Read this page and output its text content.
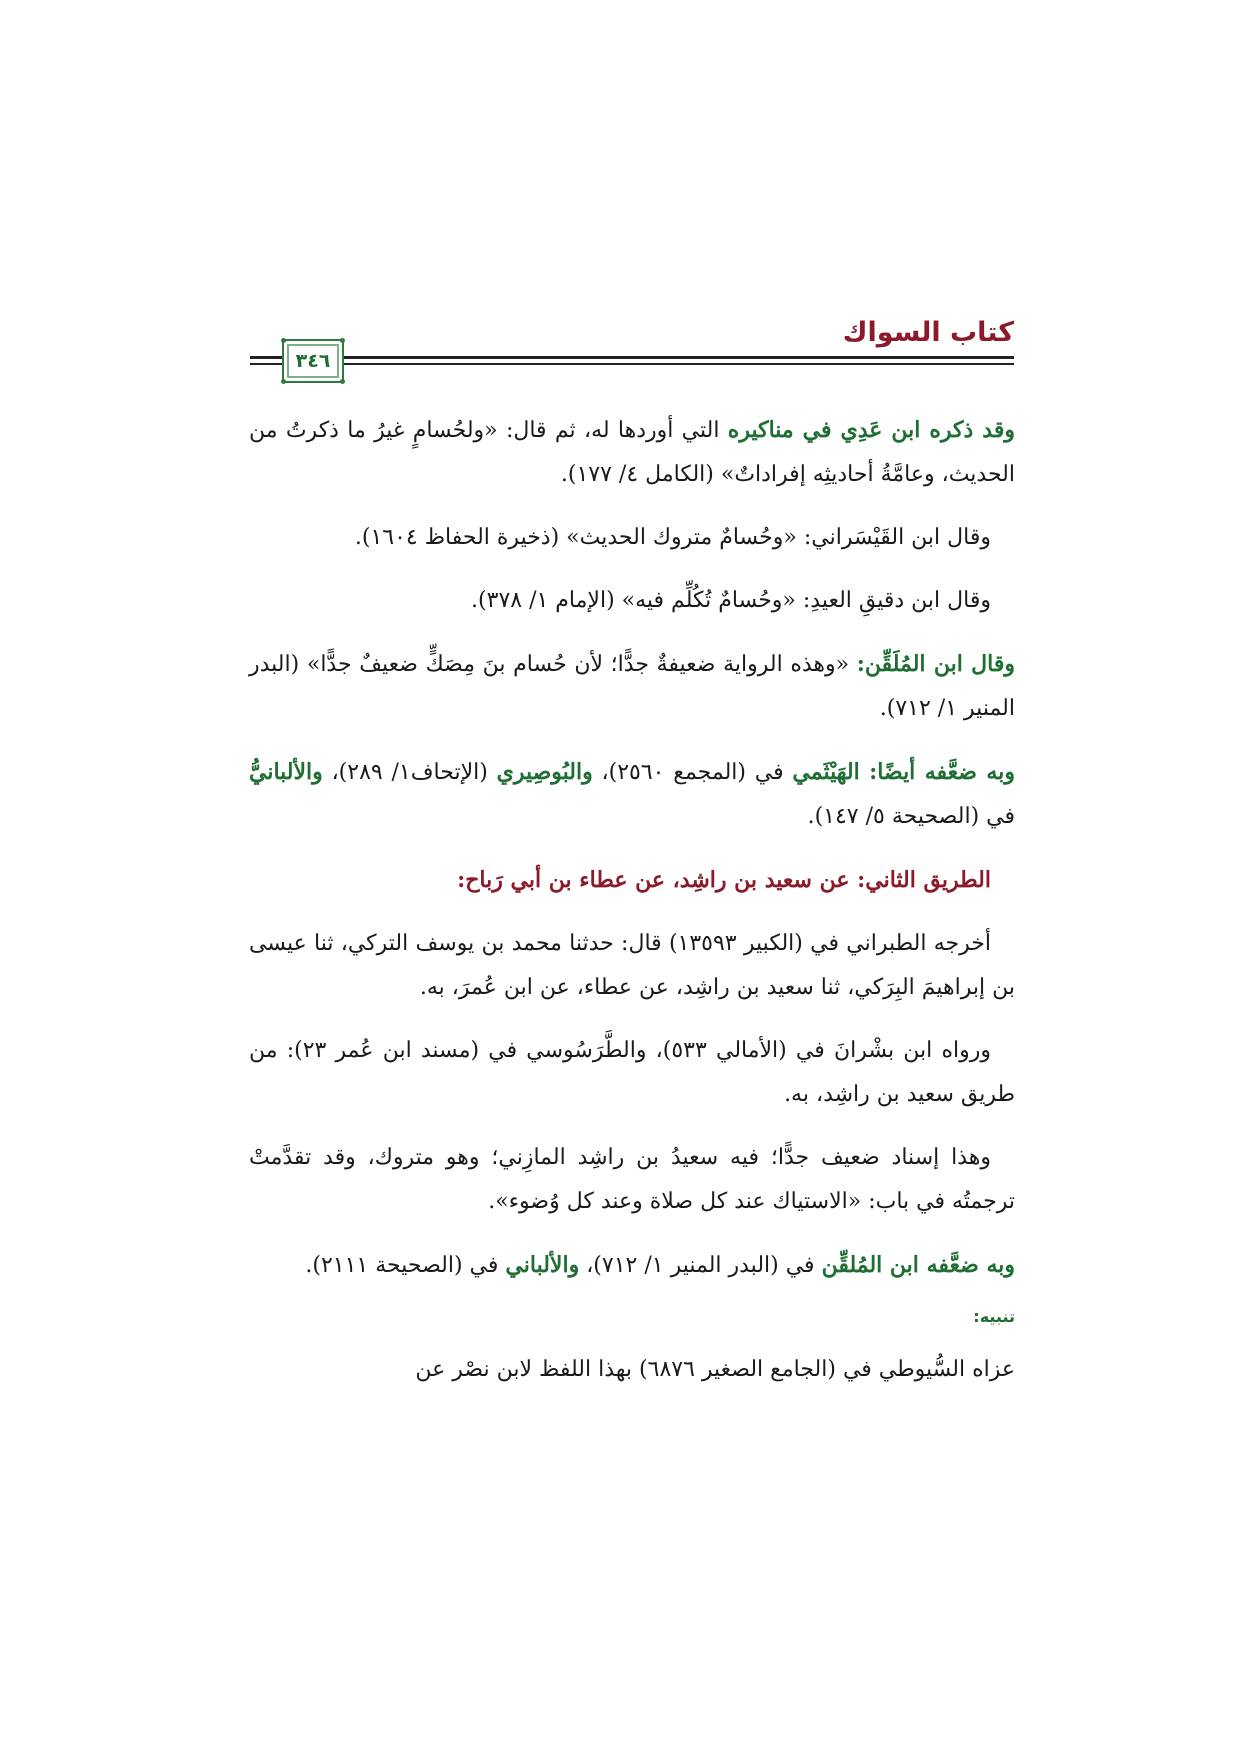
كتاب السواك
٣٤٦

وقد ذكره ابن عَدِي في مناكيره التي أوردها له، ثم قال: «ولحُسامٍ غيرُ ما ذكرتُ من الحديث، وعامَّةُ أحاديثِه إفراداتٌ» (الكامل ٤/ ١٧٧).

وقال ابن القَيْسَراني: «وحُسامٌ متروك الحديث» (ذخيرة الحفاظ ١٦٠٤).

وقال ابن دقيقِ العيدِ: «وحُسامٌ تُكُلِّم فيه» (الإمام ١/ ٣٧٨).

وقال ابن المُلَقِّن: «وهذه الرواية ضعيفةٌ جدًّا؛ لأن حُسام بنَ مِصَكٍّ ضعيفٌ جدًّا» (البدر المنير ١/ ٧١٢).

وبه ضعَّفه أيضًا: الهَيْثَمي في (المجمع ٢٥٦٠)، والبُوصِيري (الإتحاف١/ ٢٨٩)، والألبانيُّ في (الصحيحة ٥/ ١٤٧).

الطريق الثاني: عن سعيد بن راشِد، عن عطاء بن أبي رَباح:

أخرجه الطبراني في (الكبير ١٣٥٩٣) قال: حدثنا محمد بن يوسف التركي، ثنا عيسى بن إبراهيمَ البِرَكي، ثنا سعيد بن راشِد، عن عطاء، عن ابن عُمرَ، به.

ورواه ابن بشْرانَ في (الأمالي ٥٣٣)، والطَّرَسُوسي في (مسند ابن عُمر ٢٣): من طريق سعيد بن راشِد، به.

وهذا إسناد ضعيف جدًّا؛ فيه سعيدُ بن راشِد المازِني؛ وهو متروك، وقد تقدَّمتْ ترجمتُه في باب: «الاستياك عند كل صلاة وعند كل وُضوء».

وبه ضعَّفه ابن المُلقِّن في (البدر المنير ١/ ٧١٢)، والألباني في (الصحيحة ٢١١١).

تنبيه:

عزاه السُّيوطي في (الجامع الصغير ٦٨٧٦) بهذا اللفظ لابن نصْر عن
